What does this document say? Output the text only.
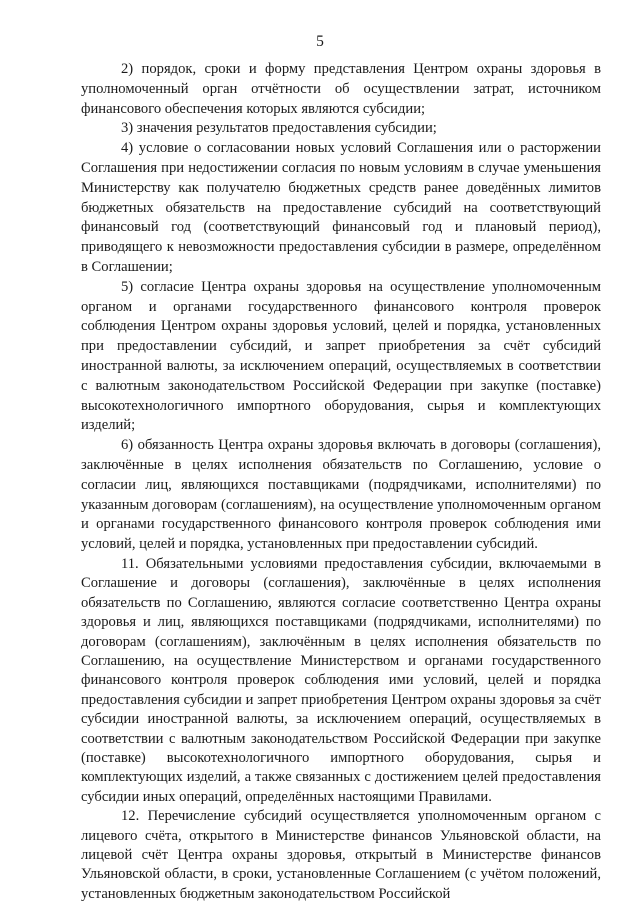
5

2) порядок, сроки и форму представления Центром охраны здоровья в уполномоченный орган отчётности об осуществлении затрат, источником финансового обеспечения которых являются субсидии;

3) значения результатов предоставления субсидии;

4) условие о согласовании новых условий Соглашения или о расторжении Соглашения при недостижении согласия по новым условиям в случае уменьшения Министерству как получателю бюджетных средств ранее доведённых лимитов бюджетных обязательств на предоставление субсидий на соответствующий финансовый год (соответствующий финансовый год и плановый период), приводящего к невозможности предоставления субсидии в размере, определённом в Соглашении;

5) согласие Центра охраны здоровья на осуществление уполномоченным органом и органами государственного финансового контроля проверок соблюдения Центром охраны здоровья условий, целей и порядка, установленных при предоставлении субсидий, и запрет приобретения за счёт субсидий иностранной валюты, за исключением операций, осуществляемых в соответствии с валютным законодательством Российской Федерации при закупке (поставке) высокотехнологичного импортного оборудования, сырья и комплектующих изделий;

6) обязанность Центра охраны здоровья включать в договоры (соглашения), заключённые в целях исполнения обязательств по Соглашению, условие о согласии лиц, являющихся поставщиками (подрядчиками, исполнителями) по указанным договорам (соглашениям), на осуществление уполномоченным органом и органами государственного финансового контроля проверок соблюдения ими условий, целей и порядка, установленных при предоставлении субсидий.

11. Обязательными условиями предоставления субсидии, включаемыми в Соглашение и договоры (соглашения), заключённые в целях исполнения обязательств по Соглашению, являются согласие соответственно Центра охраны здоровья и лиц, являющихся поставщиками (подрядчиками, исполнителями) по договорам (соглашениям), заключённым в целях исполнения обязательств по Соглашению, на осуществление Министерством и органами государственного финансового контроля проверок соблюдения ими условий, целей и порядка предоставления субсидии и запрет приобретения Центром охраны здоровья за счёт субсидии иностранной валюты, за исключением операций, осуществляемых в соответствии с валютным законодательством Российской Федерации при закупке (поставке) высокотехнологичного импортного оборудования, сырья и комплектующих изделий, а также связанных с достижением целей предоставления субсидии иных операций, определённых настоящими Правилами.

12. Перечисление субсидий осуществляется уполномоченным органом с лицевого счёта, открытого в Министерстве финансов Ульяновской области, на лицевой счёт Центра охраны здоровья, открытый в Министерстве финансов Ульяновской области, в сроки, установленные Соглашением (с учётом положений, установленных бюджетным законодательством Российской
